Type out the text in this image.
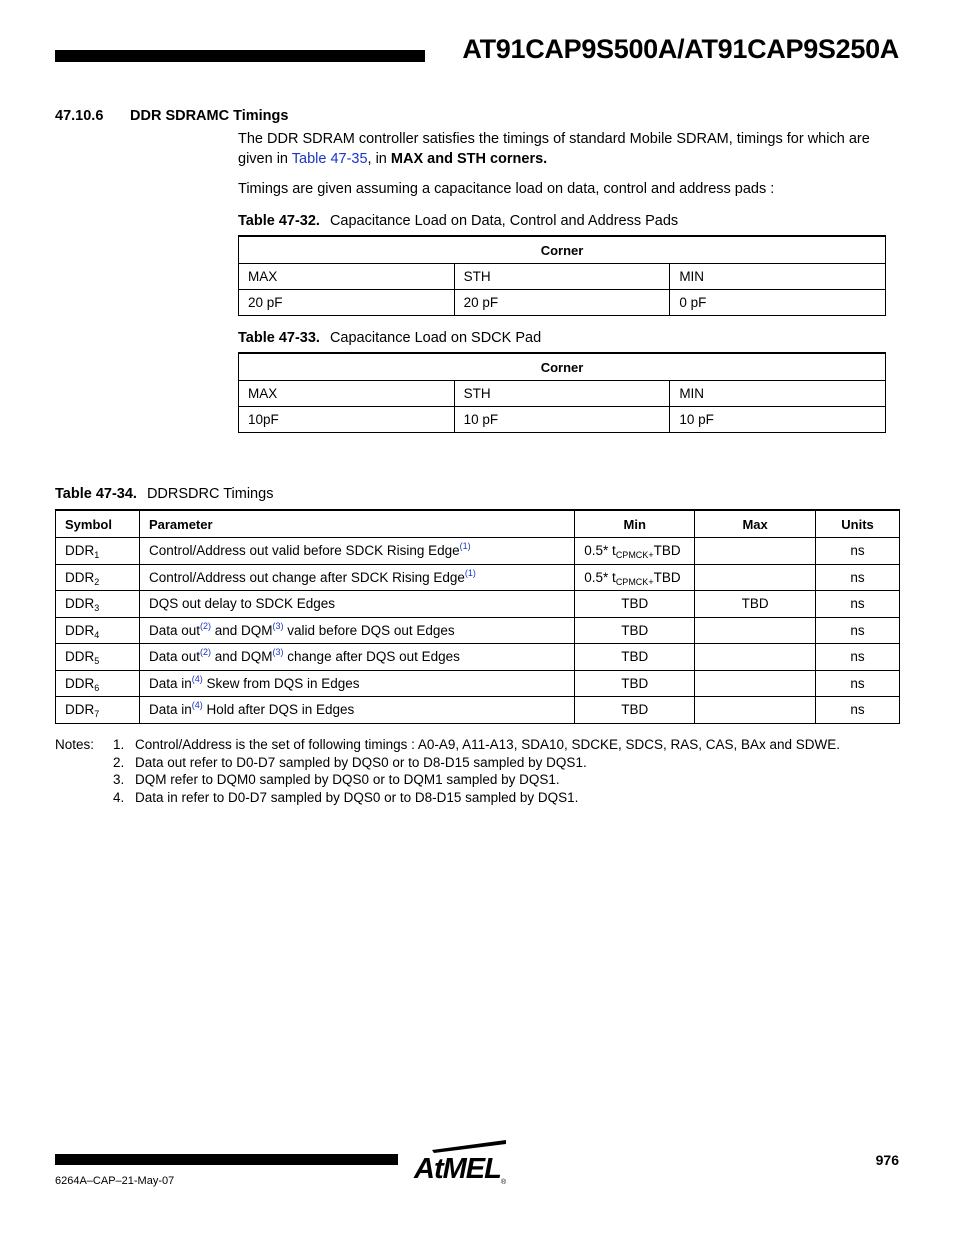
AT91CAP9S500A/AT91CAP9S250A
47.10.6 DDR SDRAMC Timings
The DDR SDRAM controller satisfies the timings of standard Mobile SDRAM, timings for which are given in Table 47-35, in MAX and STH corners.
Timings are given assuming a capacitance load on data, control and address pads :
Table 47-32. Capacitance Load on Data, Control and Address Pads
Corner		
MAX	STH	MIN
20 pF	20 pF	0 pF
Table 47-33. Capacitance Load on SDCK Pad
Corner		
MAX	STH	MIN
10pF	10 pF	10 pF
Table 47-34. DDRSDRC Timings
Symbol	Parameter	Min	Max	Units
$DDR_1$	Control/Address out valid before SDCK Rising Edge$^{(1)}$	0.5* $t_{CPMCK+}TBD$		ns
$DDR_2$	Control/Address out change after SDCK Rising Edge$^{(1)}$	0.5* $t_{CPMCK+}TBD$		ns
$DDR_3$	DQS out delay to SDCK Edges	TBD	TBD	ns
$DDR_4$	Data out$^{(2)}$ and DQM$^{(3)}$ valid before DQS out Edges	TBD		ns
$DDR_5$	Data out$^{(2)}$ and DQM$^{(3)}$ change after DQS out Edges	TBD		ns
$DDR_6$	Data $in^{(4)}$ Skew from DQS in Edges	TBD		ns
$DDR_7$	Data $in^{(4)}$ Hold after DQS in Edges	TBD		ns
Notes:	1. Control/Address is the set of following timings : A0-A9, A11-A13, SDA10, SDCKE, SDCS, RAS, CAS, BAx and SDWE.
2. Data out refer to D0-D7 sampled by DQS0 or to D8-D15 sampled by DQS1.
3. DQM refer to DQM0 sampled by DQS0 or to DQM1 sampled by DQS1.
4. Data in refer to D0-D7 sampled by DQS0 or to D8-D15 sampled by DQS1.
6264A–CAP–21-May-07
976
AtMEL ®
